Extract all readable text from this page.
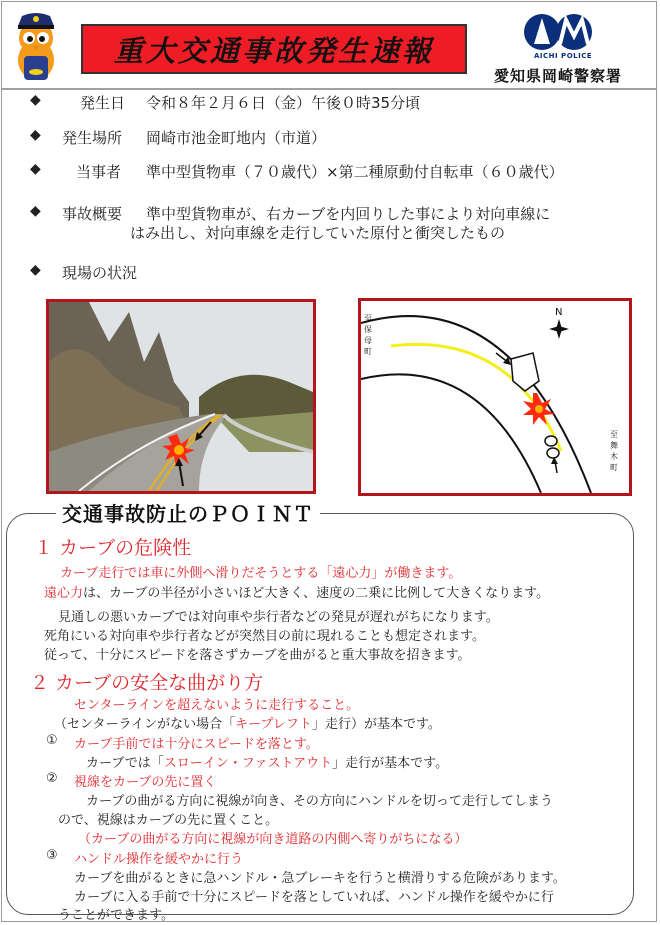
重大交通事故発生速報	AICHI POLICE
愛知県岡崎警察署
◆	発生日 令和８年２月６日（金）午後０時35分頃
◆ 発生場所 岡崎市池金町地内（市道）
◆ 当事者 準中型貨物車（７０歳代）×第二種原動付自転車（６０歳代）
◆ 事故概要 準中型貨物車が、右カーブを内回りした事により対向車線に
はみ出し、対向車線を走行していた原付と衝突したもの
◆ 現場の状況
N
至保母町
至舞木町
交通事故防止のＰＯＩＮＴ
１ カーブの危険性
カーブ走行では車に外側へ滑りだそうとする「遠心力」が働きます。
遠心力は、カーブの半径が小さいほど大きく、速度の二乗に比例して大きくなります。
見通しの悪いカーブでは対向車や歩行者などの発見が遅れがちになります。
死角にいる対向車や歩行者などが突然目の前に現れることも想定されます。
従って、十分にスピードを落さずカーブを曲がると重大事故を招きます。
２ カーブの安全な曲がり方
センターラインを超えないように走行すること。
（センターラインがない場合「キープレフト」走行）が基本です。
① カーブ手前では十分にスピードを落とす。
カーブでは「スローイン・ファストアウト」走行が基本です。
② 視線をカーブの先に置く
カーブの曲がる方向に視線が向き、その方向にハンドルを切って走行してしまう
ので、視線はカーブの先に置くこと。
（カーブの曲がる方向に視線が向き道路の内側へ寄りがちになる）
③ ハンドル操作を緩やかに行う
カーブを曲がるときに急ハンドル・急ブレーキを行うと横滑りする危険があります。
カーブに入る手前で十分にスピードを落としていれば、ハンドル操作を緩やかに行
うことができます。
